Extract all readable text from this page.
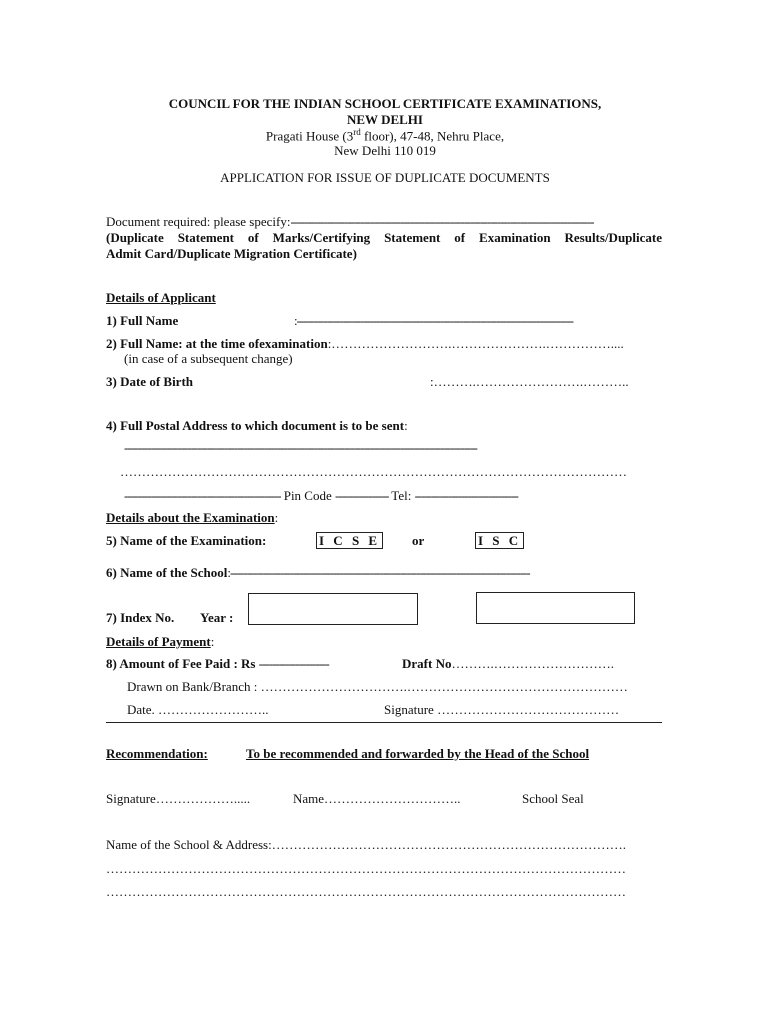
COUNCIL FOR THE INDIAN SCHOOL CERTIFICATE EXAMINATIONS,
NEW DELHI
Pragati House (3rd floor), 47-48, Nehru Place,
New Delhi 110 019
APPLICATION FOR ISSUE OF DUPLICATE DOCUMENTS
Document required: please specify:-------------------------------------------------------------------------------------------
(Duplicate Statement of Marks/Certifying Statement of Examination Results/Duplicate
Admit Card/Duplicate Migration Certificate)
Details of Applicant
1) Full Name	:-----------------------------------------------------------------------------------
2) Full Name: at the time ofexamination:……………………….………………….……………....
(in case of a subsequent change)
3) Date of Birth	:……….…………………….………..
4) Full Postal Address to which document is to be sent:
----------------------------------------------------------------------------------------------------------
………………………………………………………………………………………………………
----------------------------------------------- Pin Code ---------------- Tel: -------------------------------
Details about the Examination:
5) Name of the Examination:	I C S E or	I S C
6) Name of the School:------------------------------------------------------------------------------------------
7) Index No. Year :
Details of Payment:
8) Amount of Fee Paid : Rs ---------------------	Draft No……….……………………….
Drawn on Bank/Branch : …………………………….……………………………………………
Date. ……………………..	Signature ……………………………………
Recommendation:	To be recommended and forwarded by the Head of the School
Signature……………….....	Name…………………………..	School Seal
Name of the School & Address:……………………………………………………………………….
…………………………………………………………………………………………………………
…………………………………………………………………………………………………………
